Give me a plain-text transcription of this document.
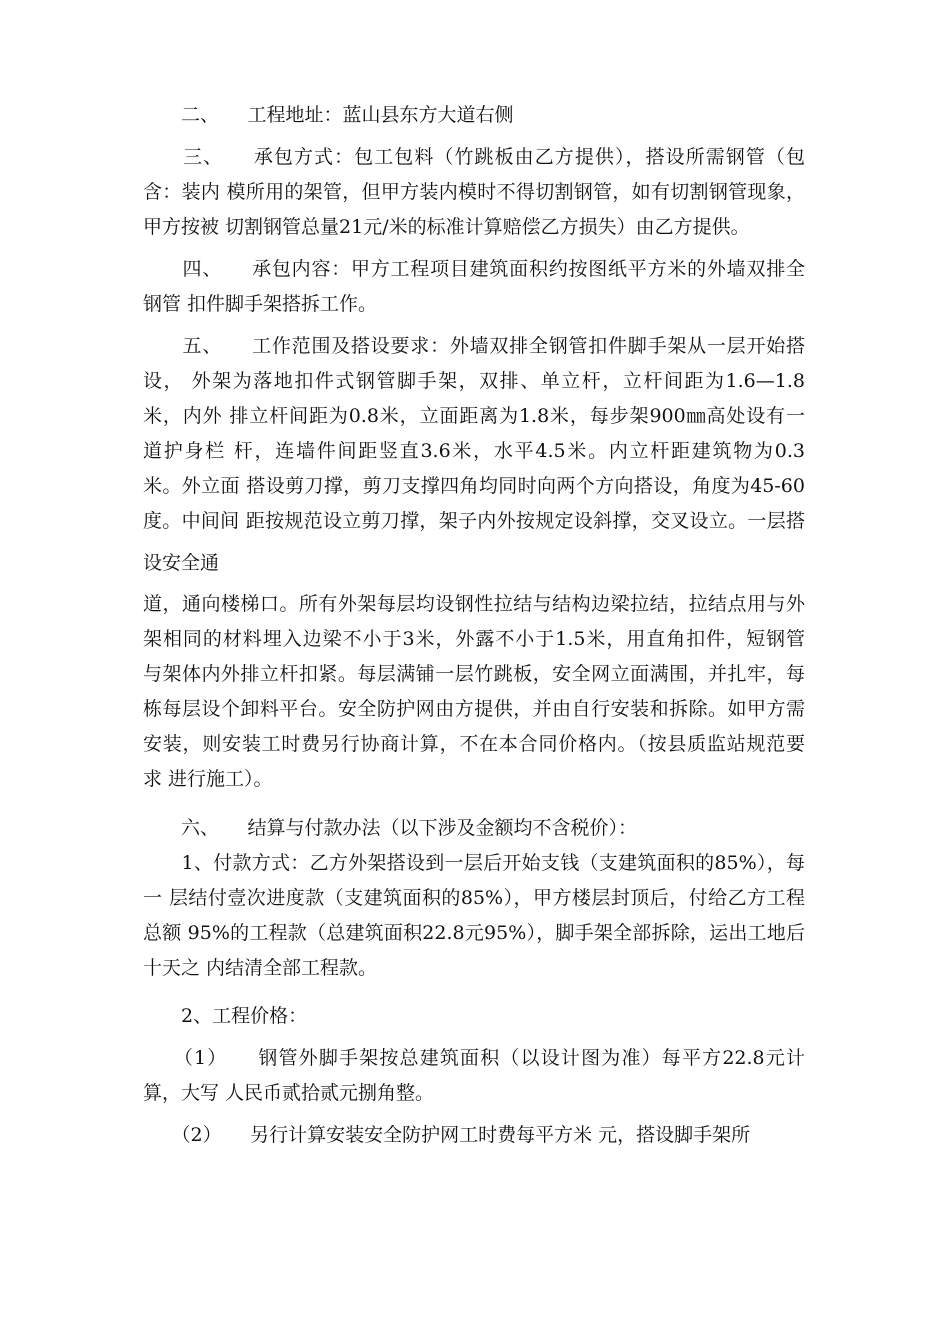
　　二、　　工程地址：蓝山县东方大道右侧
　　三、　　承包方式：包工包料（竹跳板由乙方提供），搭设所需钢管（包
含：装内 模所用的架管，但甲方装内模时不得切割钢管，如有切割钢管现象，
甲方按被 切割钢管总量21元/米的标准计算赔偿乙方损失）由乙方提供。
　　四、　　承包内容：甲方工程项目建筑面积约按图纸平方米的外墙双排全
钢管 扣件脚手架搭拆工作。
　　五、　　工作范围及搭设要求：外墙双排全钢管扣件脚手架从一层开始搭
设， 外架为落地扣件式钢管脚手架，双排、单立杆，立杆间距为1.6—1.8
米，内外 排立杆间距为0.8米，立面距离为1.8米，每步架900㎜高处设有一
道护身栏 杆，连墙件间距竖直3.6米，水平4.5米。内立杆距建筑物为0.3
米。外立面 搭设剪刀撑，剪刀支撑四角均同时向两个方向搭设，角度为45-60
度。中间间 距按规范设立剪刀撑，架子内外按规定设斜撑，交叉设立。一层搭
设安全通
道，通向楼梯口。所有外架每层均设钢性拉结与结构边梁拉结，拉结点用与外
架相同的材料埋入边梁不小于3米，外露不小于1.5米，用直角扣件，短钢管
与架体内外排立杆扣紧。每层满铺一层竹跳板，安全网立面满围，并扎牢，每
栋每层设个卸料平台。安全防护网由方提供，并由自行安装和拆除。如甲方需
安装，则安装工时费另行协商计算，不在本合同价格内。（按县质监站规范要
求 进行施工）。
　　六、　　结算与付款办法（以下涉及金额均不含税价）：
　　1、付款方式：乙方外架搭设到一层后开始支钱（支建筑面积的85%），每
一 层结付壹次进度款（支建筑面积的85%），甲方楼层封顶后，付给乙方工程
总额 95%的工程款（总建筑面积22.8元95%），脚手架全部拆除，运出工地后
十天之 内结清全部工程款。
　　2、工程价格：
　　（1）　　钢管外脚手架按总建筑面积（以设计图为准）每平方22.8元计
算，大写 人民币贰拾贰元捌角整。
　　（2）　　另行计算安装安全防护网工时费每平方米 元，搭设脚手架所
